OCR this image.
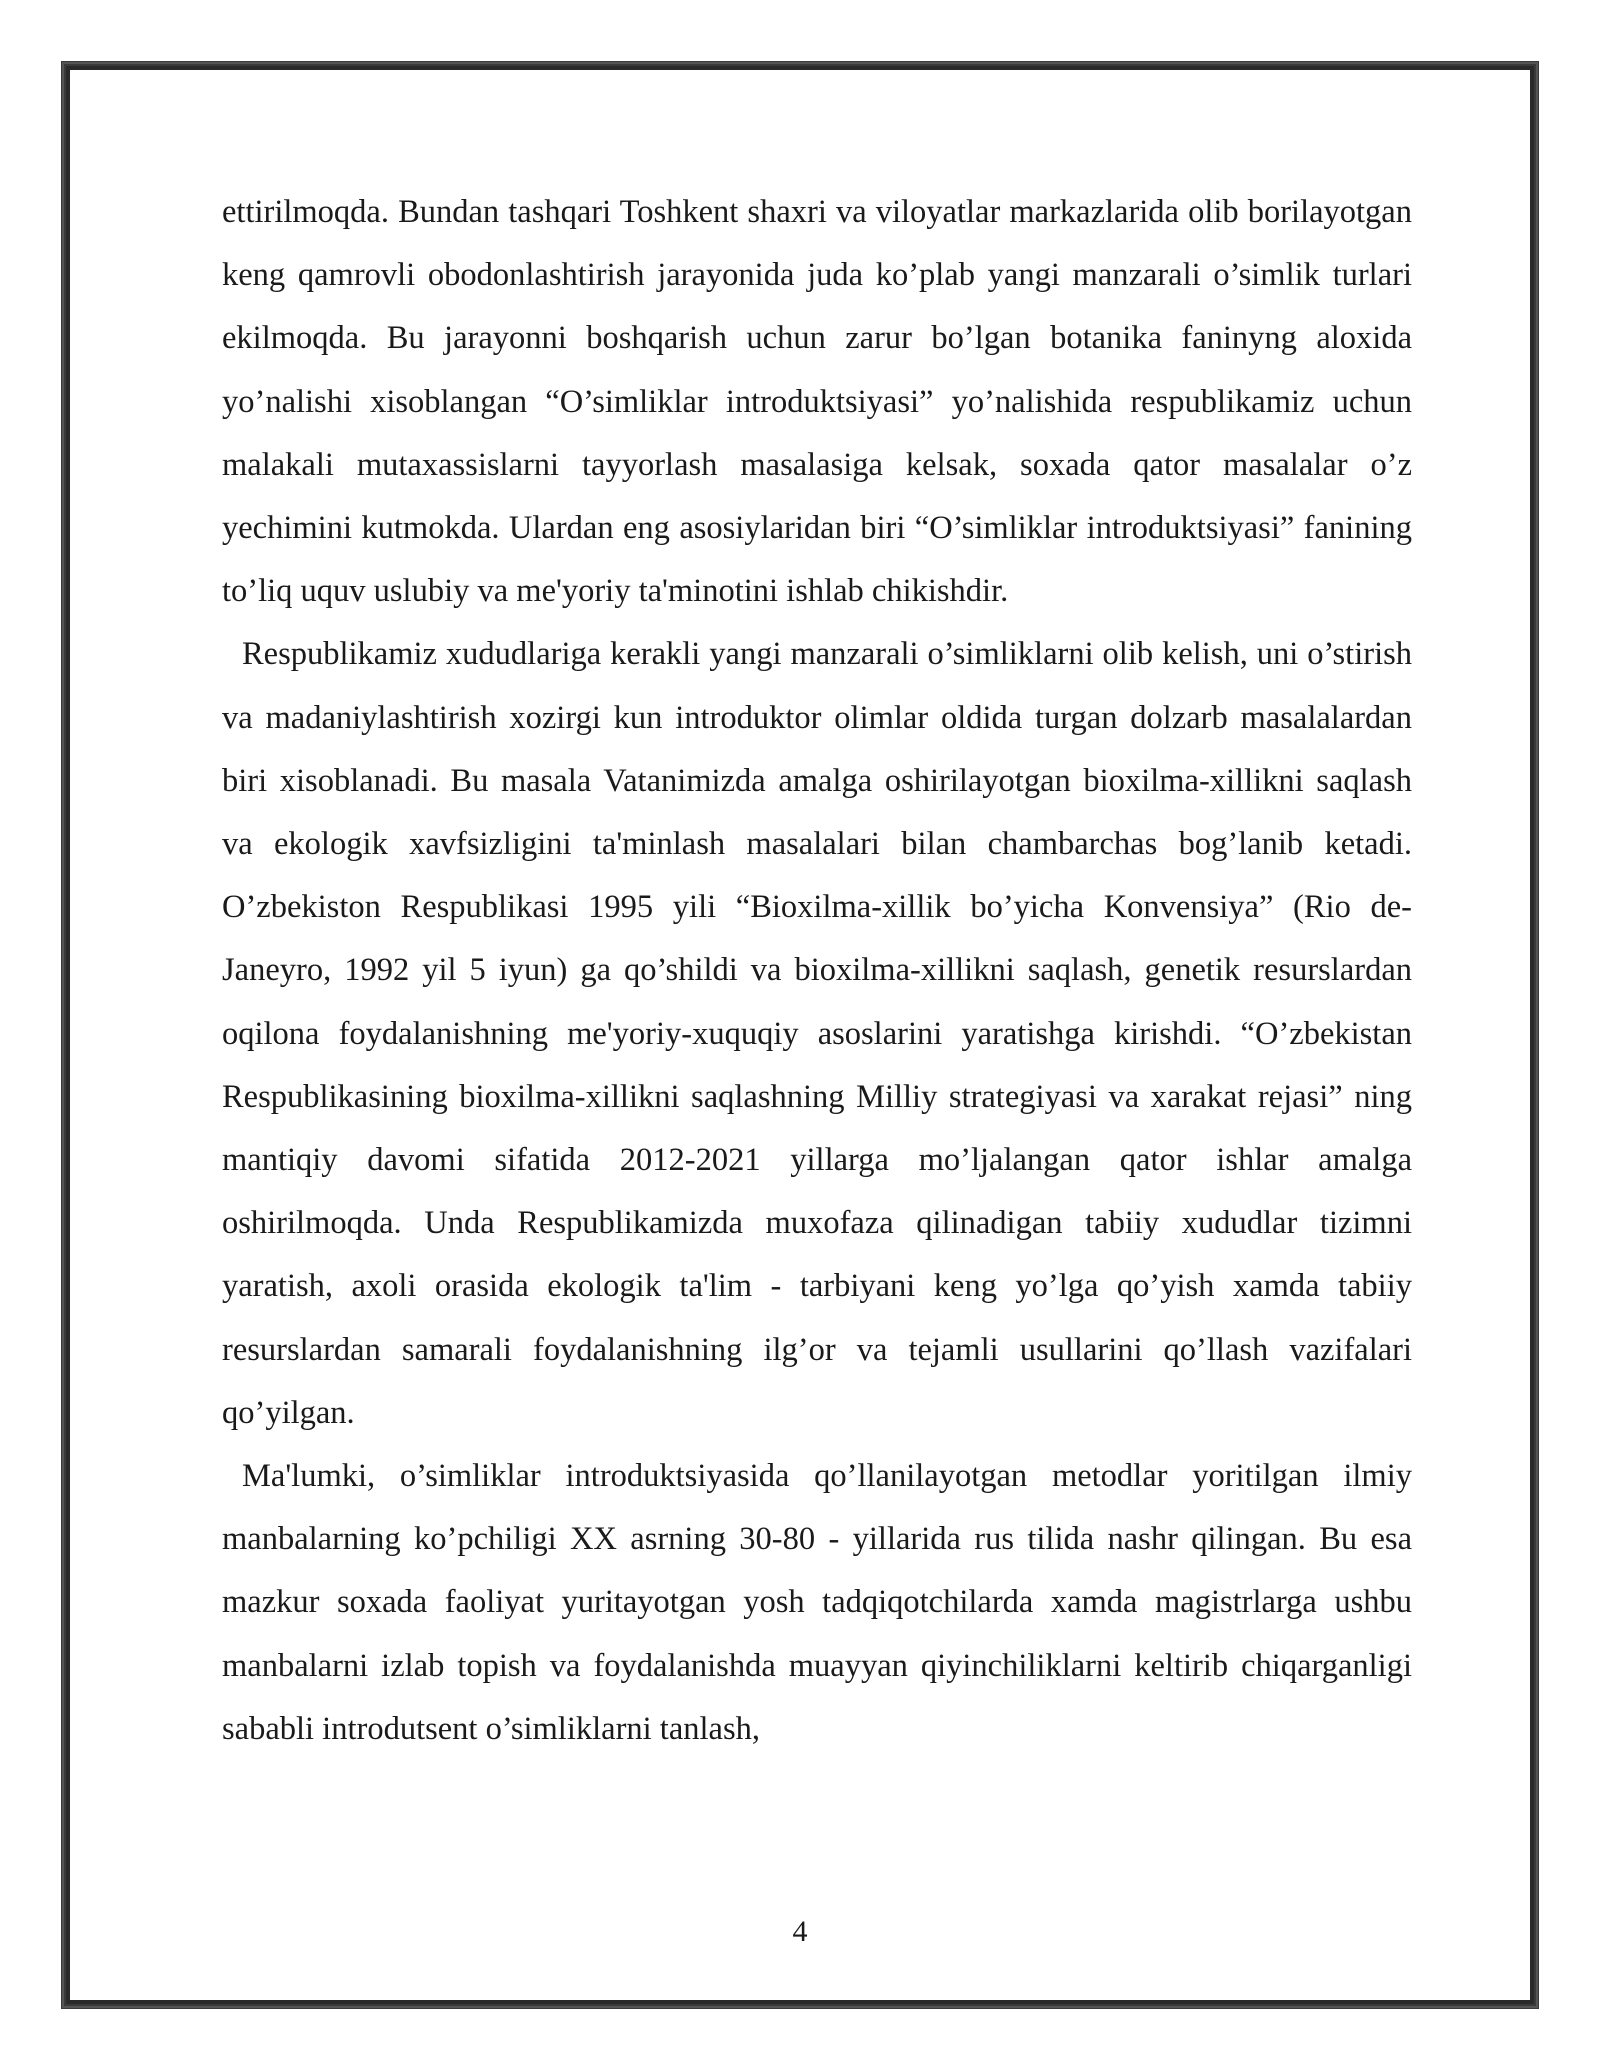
ettirilmoqda. Bundan tashqari Toshkent shaxri va viloyatlar markazlarida olib borilayotgan keng qamrovli obodonlashtirish jarayonida juda ko’plab yangi manzarali o’simlik turlari ekilmoqda. Bu jarayonni boshqarish uchun zarur bo’lgan botanika faninyng aloxida yo’nalishi xisoblangan “O’simliklar introduktsiyasi” yo’nalishida respublikamiz uchun malakali mutaxassislarni tayyorlash masalasiga kelsak, soxada qator masalalar o’z yechimini kutmokda. Ulardan eng asosiylaridan biri “O’simliklar introduktsiyasi” fanining to’liq uquv uslubiy va me'yoriy ta'minotini ishlab chikishdir.

Respublikamiz xududlariga kerakli yangi manzarali o’simliklarni olib kelish, uni o’stirish va madaniylashtirish xozirgi kun introduktor olimlar oldida turgan dolzarb masalalardan biri xisoblanadi. Bu masala Vatanimizda amalga oshirilayotgan bioxilma-xillikni saqlash va ekologik xavfsizligini ta'minlash masalalari bilan chambarchas bog’lanib ketadi. O’zbekiston Respublikasi 1995 yili “Bioxilma-xillik bo’yicha Konvensiya” (Rio de-Janeyro, 1992 yil 5 iyun) ga qo’shildi va bioxilma-xillikni saqlash, genetik resurslardan oqilona foydalanishning me'yoriy-xuquqiy asoslarini yaratishga kirishdi. “O’zbekistan Respublikasining bioxilma-xillikni saqlashning Milliy strategiyasi va xarakat rejasi” ning mantiqiy davomi sifatida 2012-2021 yillarga mo’ljalangan qator ishlar amalga oshirilmoqda. Unda Respublikamizda muxofaza qilinadigan tabiiy xududlar tizimni yaratish, axoli orasida ekologik ta'lim - tarbiyani keng yo’lga qo’yish xamda tabiiy resurslardan samarali foydalanishning ilg’or va tejamli usullarini qo’llash vazifalari qo’yilgan.

Ma'lumki, o’simliklar introduktsiyasida qo’llanilayotgan metodlar yoritilgan ilmiy manbalarning ko’pchiligi XX asrning 30-80 - yillarida rus tilida nashr qilingan. Bu esa mazkur soxada faoliyat yuritayotgan yosh tadqiqotchilarda xamda magistrlarga ushbu manbalarni izlab topish va foydalanishda muayyan qiyinchiliklarni keltirib chiqarganligi sababli introdutsent o’simliklarni tanlash,

4
